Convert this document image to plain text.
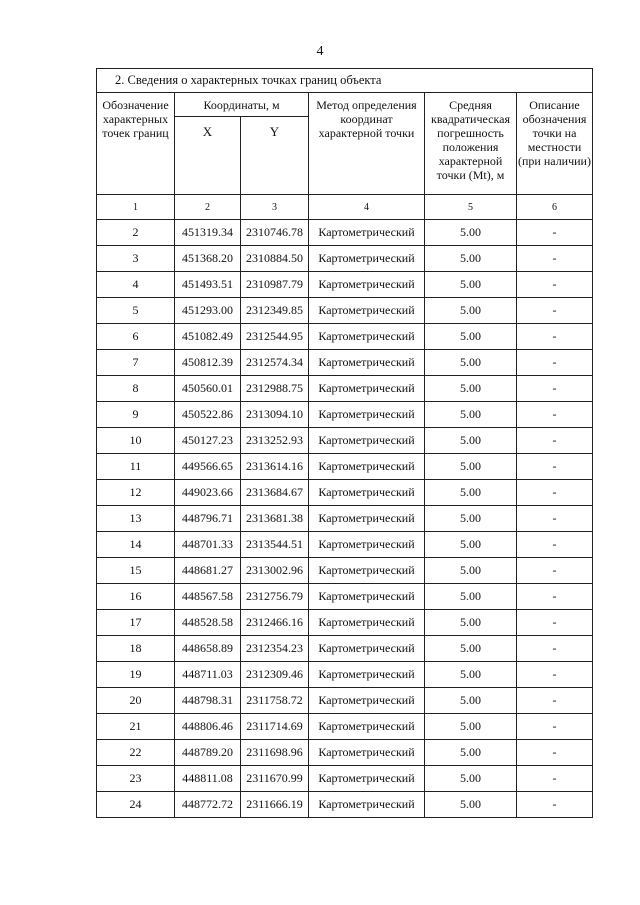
4
2. Сведения о характерных точках границ объекта					
Обозначение характерных точек границ	Координаты, м		Метод определения координат характерной точки	Средняя квадратическая погрешность положения характерной точки (Mt), м	Описание обозначения точки на местности (при наличии)
	X	Y			
1	2	3	4	5	6
2	451319.34	2310746.78	Картометрический	5.00	-
3	451368.20	2310884.50	Картометрический	5.00	-
4	451493.51	2310987.79	Картометрический	5.00	-
5	451293.00	2312349.85	Картометрический	5.00	-
6	451082.49	2312544.95	Картометрический	5.00	-
7	450812.39	2312574.34	Картометрический	5.00	-
8	450560.01	2312988.75	Картометрический	5.00	-
9	450522.86	2313094.10	Картометрический	5.00	-
10	450127.23	2313252.93	Картометрический	5.00	-
11	449566.65	2313614.16	Картометрический	5.00	-
12	449023.66	2313684.67	Картометрический	5.00	-
13	448796.71	2313681.38	Картометрический	5.00	-
14	448701.33	2313544.51	Картометрический	5.00	-
15	448681.27	2313002.96	Картометрический	5.00	-
16	448567.58	2312756.79	Картометрический	5.00	-
17	448528.58	2312466.16	Картометрический	5.00	-
18	448658.89	2312354.23	Картометрический	5.00	-
19	448711.03	2312309.46	Картометрический	5.00	-
20	448798.31	2311758.72	Картометрический	5.00	-
21	448806.46	2311714.69	Картометрический	5.00	-
22	448789.20	2311698.96	Картометрический	5.00	-
23	448811.08	2311670.99	Картометрический	5.00	-
24	448772.72	2311666.19	Картометрический	5.00	-
